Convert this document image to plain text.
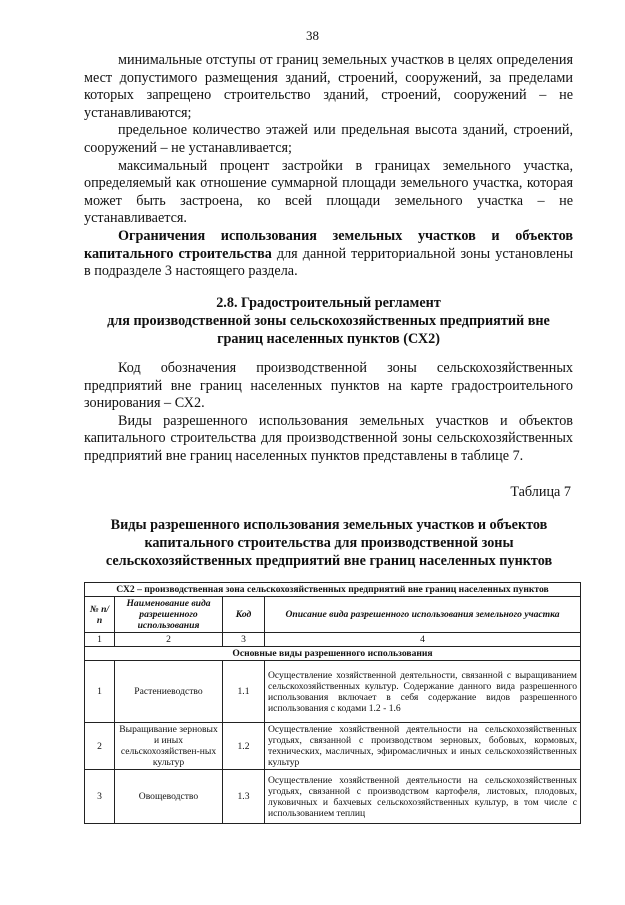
38

минимальные отступы от границ земельных участков в целях определения мест допустимого размещения зданий, строений, сооружений, за пределами которых запрещено строительство зданий, строений, сооружений – не устанавливаются;

предельное количество этажей или предельная высота зданий, строений, сооружений – не устанавливается;

максимальный процент застройки в границах земельного участка, определяемый как отношение суммарной площади земельного участка, которая может быть застроена, ко всей площади земельного участка – не устанавливается.

Ограничения использования земельных участков и объектов капитального строительства для данной территориальной зоны установлены в подразделе 3 настоящего раздела.

2.8. Градостроительный регламент
для производственной зоны сельскохозяйственных предприятий вне
границ населенных пунктов (СХ2)

Код обозначения производственной зоны сельскохозяйственных предприятий вне границ населенных пунктов на карте градостроительного зонирования – СХ2.

Виды разрешенного использования земельных участков и объектов капитального строительства для производственной зоны сельскохозяйственных предприятий вне границ населенных пунктов представлены в таблице 7.

Таблица 7
Виды разрешенного использования земельных участков и объектов
капитального строительства для производственной зоны
сельскохозяйственных предприятий вне границ населенных пунктов
СХ2 – производственная зона сельскохозяйственных предприятий вне границ населенных пунктов			
№ п/п	Наименование вида разрешенного использования	Код	Описание вида разрешенного использования земельного участка
1	2	3	4
Основные виды разрешенного использования			
1	Растениеводство	1.1	Осуществление хозяйственной деятельности, связанной с выращиванием сельскохозяйственных культур. Содержание данного вида разрешенного использования включает в себя содержание видов разрешенного использования с кодами 1.2 - 1.6
2	Выращивание зерновых и иных сельскохозяйствен-ных культур	1.2	Осуществление хозяйственной деятельности на сельскохозяйственных угодьях, связанной с производством зерновых, бобовых, кормовых, технических, масличных, эфиромасличных и иных сельскохозяйственных культур
3	Овощеводство	1.3	Осуществление хозяйственной деятельности на сельскохозяйственных угодьях, связанной с производством картофеля, листовых, плодовых, луковичных и бахчевых сельскохозяйственных культур, в том числе с использованием теплиц
